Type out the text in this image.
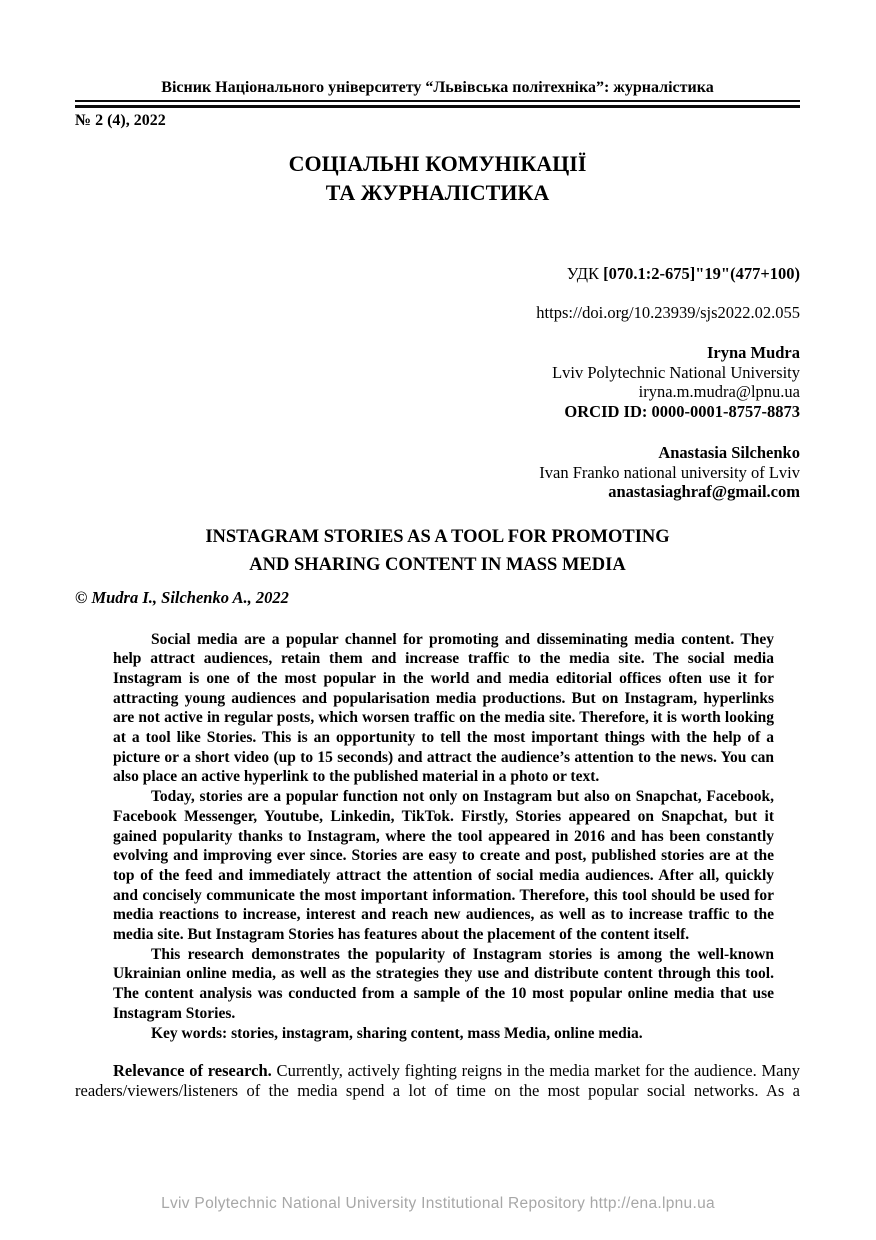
Вісник Національного університету “Львівська політехніка”: журналістика
№ 2 (4), 2022
СОЦІАЛЬНІ КОМУНІКАЦІЇ
ТА ЖУРНАЛІСТИКА
УДК [070.1:2-675]"19"(477+100)
https://doi.org/10.23939/sjs2022.02.055
Iryna Mudra
Lviv Polytechnic National University
iryna.m.mudra@lpnu.ua
ORCID ID: 0000-0001-8757-8873
Anastasia Silchenko
Ivan Franko national university of Lviv
anastasiaghraf@gmail.com
INSTAGRAM STORIES AS A TOOL FOR PROMOTING
AND SHARING CONTENT IN MASS MEDIA
© Mudra I., Silchenko A., 2022

Social media are a popular channel for promoting and disseminating media content. They help attract audiences, retain them and increase traffic to the media site. The social media Instagram is one of the most popular in the world and media editorial offices often use it for attracting young audiences and popularisation media productions. But on Instagram, hyperlinks are not active in regular posts, which worsen traffic on the media site. Therefore, it is worth looking at a tool like Stories. This is an opportunity to tell the most important things with the help of a picture or a short video (up to 15 seconds) and attract the audience’s attention to the news. You can also place an active hyperlink to the published material in a photo or text.

Today, stories are a popular function not only on Instagram but also on Snapchat, Facebook, Facebook Messenger, Youtube, Linkedin, TikTok. Firstly, Stories appeared on Snapchat, but it gained popularity thanks to Instagram, where the tool appeared in 2016 and has been constantly evolving and improving ever since. Stories are easy to create and post, published stories are at the top of the feed and immediately attract the attention of social media audiences. After all, quickly and concisely communicate the most important information. Therefore, this tool should be used for media reactions to increase, interest and reach new audiences, as well as to increase traffic to the media site. But Instagram Stories has features about the placement of the content itself.

This research demonstrates the popularity of Instagram stories is among the well-known Ukrainian online media, as well as the strategies they use and distribute content through this tool. The content analysis was conducted from a sample of the 10 most popular online media that use Instagram Stories.

Key words: stories, instagram, sharing content, mass Media, online media.

Relevance of research. Currently, actively fighting reigns in the media market for the audience. Many readers/viewers/listeners of the media spend a lot of time on the most popular social networks. As a

Lviv Polytechnic National University Institutional Repository http://ena.lpnu.ua
